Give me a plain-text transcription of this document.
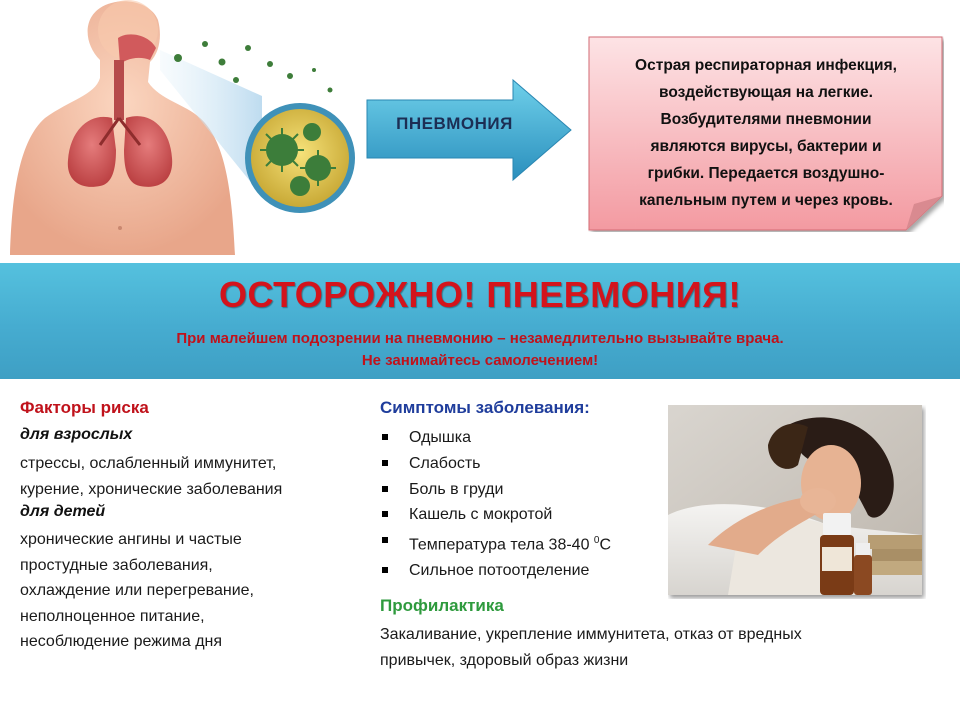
ПНЕВМОНИЯ
Острая респираторная инфекция,
воздействующая на легкие.
Возбудителями пневмонии
являются вирусы, бактерии и
грибки. Передается воздушно-
капельным путем и через кровь.
ОСТОРОЖНО! ПНЕВМОНИЯ!
При малейшем подозрении на пневмонию – незамедлительно вызывайте врача.
Не занимайтесь самолечением!
Факторы риска
для взрослых
стрессы, ослабленный иммунитет,
курение, хронические заболевания
для детей
хронические ангины и частые
простудные заболевания,
охлаждение или перегревание,
неполноценное питание,
несоблюдение режима дня
Симптомы заболевания:
Одышка
Слабость
Боль в груди
Кашель с мокротой
Температура тела 38-40 $^0$С
Сильное потоотделение
Профилактика
Закаливание, укрепление иммунитета, отказ от вредных
привычек, здоровый образ жизни
